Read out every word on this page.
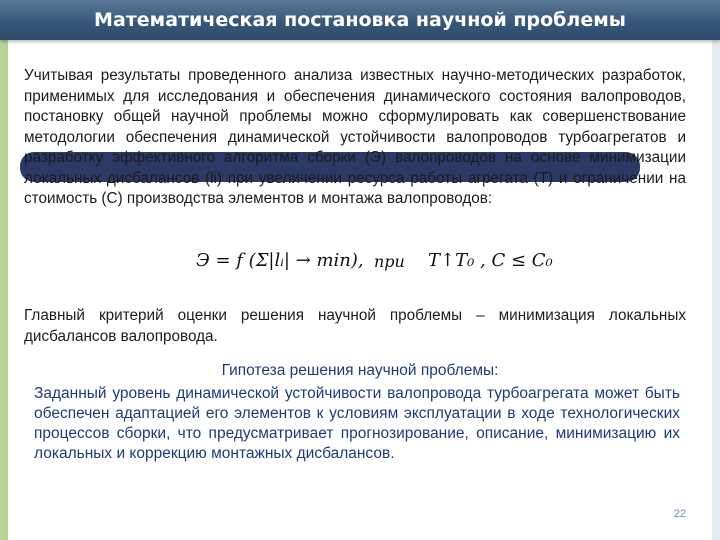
Математическая постановка научной проблемы
Учитывая результаты проведенного анализа известных научно-методических разработок, применимых для исследования и обеспечения динамического состояния валопроводов, постановку общей научной проблемы можно сформулировать как совершенствование методологии обеспечения динамической устойчивости валопроводов турбоагрегатов и разработку эффективного алгоритма сборки (Э) валопроводов на основе минимизации локальных дисбалансов (li) при увеличении ресурса работы агрегата (T) и ограничении на стоимость (C) производства элементов и монтажа валопроводов:
Э = f (Σ|lᵢ| → min), при T↑T₀ , C ≤ C₀
Главный критерий оценки решения научной проблемы – минимизация локальных дисбалансов валопровода.
Гипотеза решения научной проблемы:
Заданный уровень динамической устойчивости валопровода турбоагрегата может быть обеспечен адаптацией его элементов к условиям эксплуатации в ходе технологических процессов сборки, что предусматривает прогнозирование, описание, минимизацию их локальных и коррекцию монтажных дисбалансов.
22
